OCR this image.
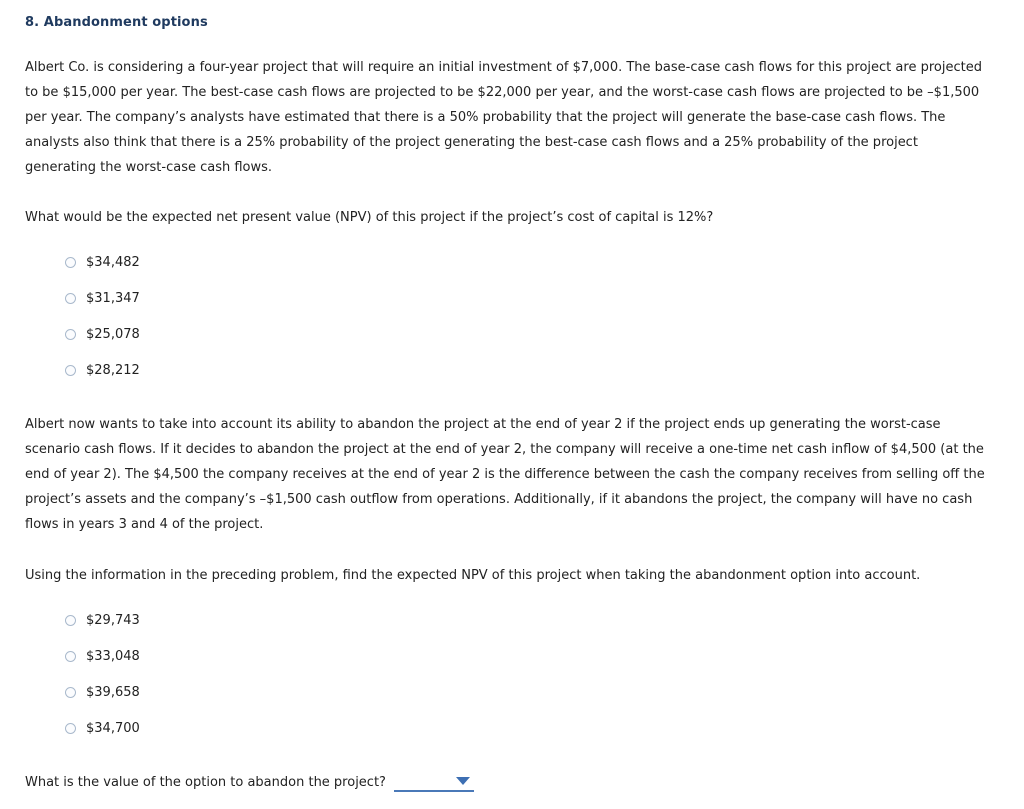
8. Abandonment options
Albert Co. is considering a four-year project that will require an initial investment of $7,000. The base-case cash flows for this project are projected to be $15,000 per year. The best-case cash flows are projected to be $22,000 per year, and the worst-case cash flows are projected to be –$1,500 per year. The company’s analysts have estimated that there is a 50% probability that the project will generate the base-case cash flows. The analysts also think that there is a 25% probability of the project generating the best-case cash flows and a 25% probability of the project generating the worst-case cash flows.
What would be the expected net present value (NPV) of this project if the project’s cost of capital is 12%?
$34,482
$31,347
$25,078
$28,212
Albert now wants to take into account its ability to abandon the project at the end of year 2 if the project ends up generating the worst-case scenario cash flows. If it decides to abandon the project at the end of year 2, the company will receive a one-time net cash inflow of $4,500 (at the end of year 2). The $4,500 the company receives at the end of year 2 is the difference between the cash the company receives from selling off the project’s assets and the company’s –$1,500 cash outflow from operations. Additionally, if it abandons the project, the company will have no cash flows in years 3 and 4 of the project.
Using the information in the preceding problem, find the expected NPV of this project when taking the abandonment option into account.
$29,743
$33,048
$39,658
$34,700
What is the value of the option to abandon the project?
